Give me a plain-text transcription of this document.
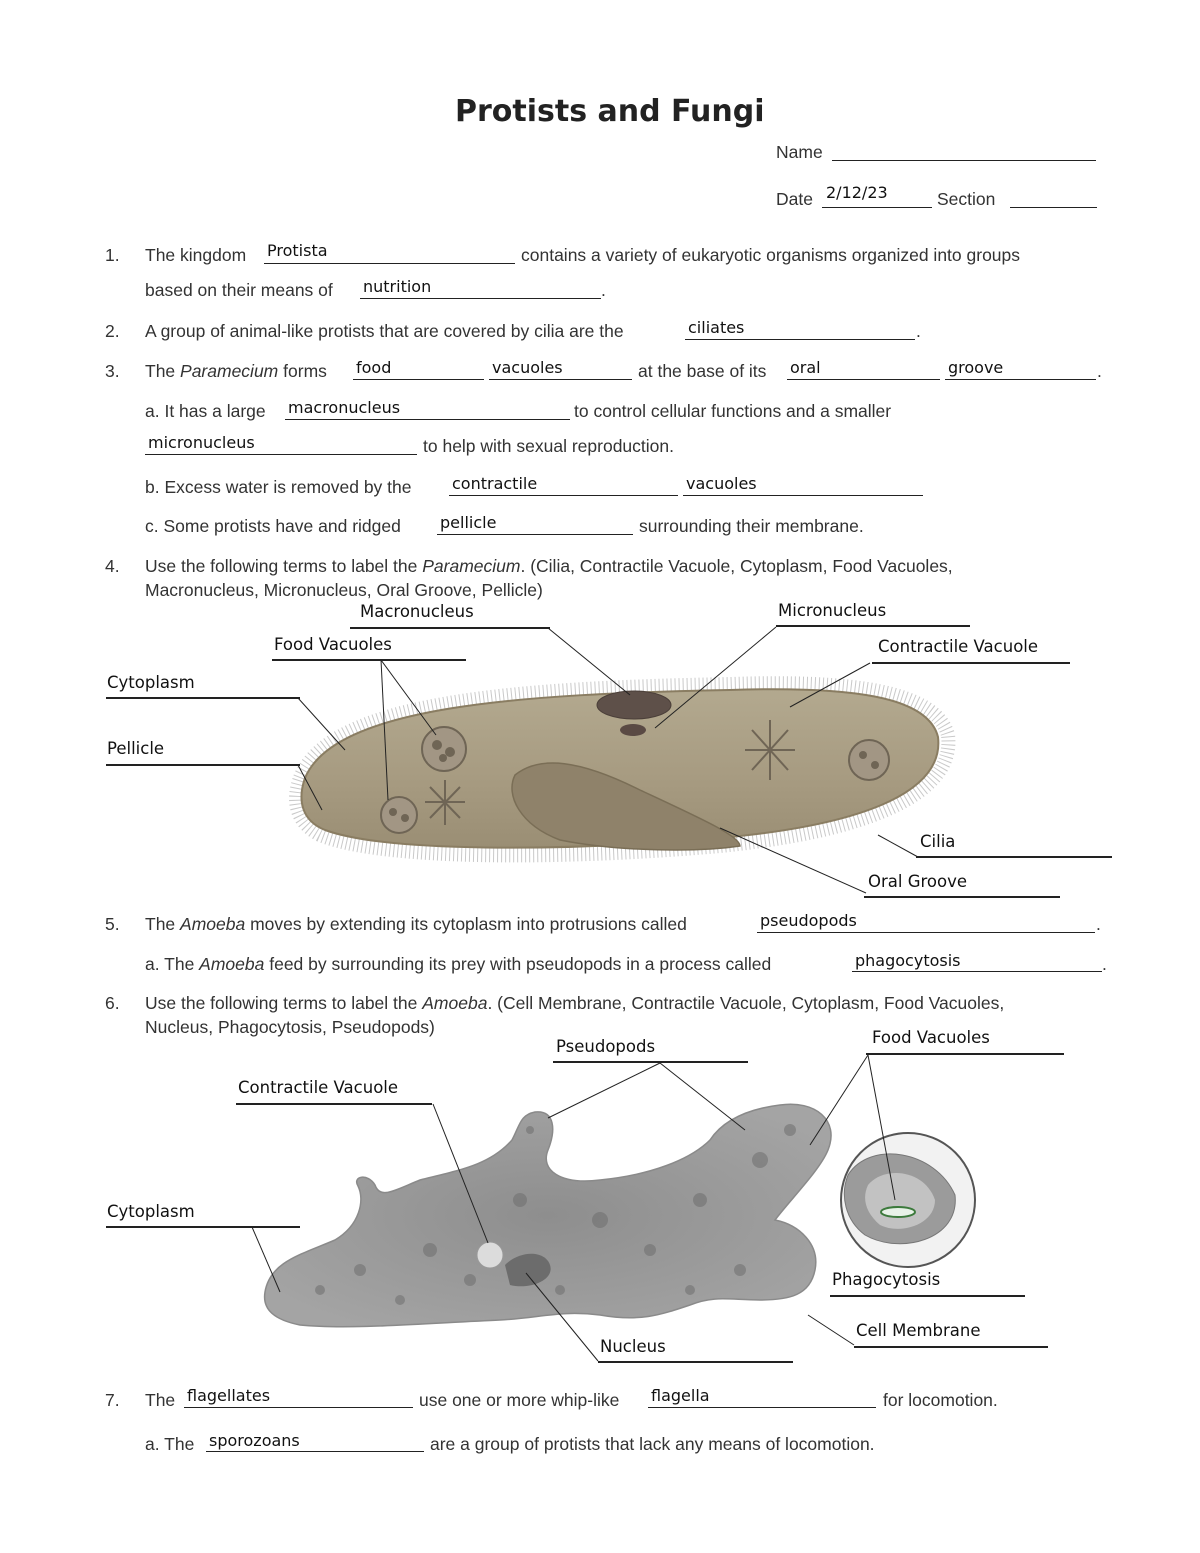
Protists and Fungi
Name
Date 2/12/23	Section
1. The kingdom Protista	contains a variety of eukaryotic organisms organized into groups
based on their means of nutrition	.
2. A group of animal-like protists that are covered by cilia are the	ciliates	.
3. The Paramecium forms food	vacuoles	at the base of its oral	groove	.
a. It has a large macronucleus	to control cellular functions and a smaller
micronucleus	to help with sexual reproduction.
b. Excess water is removed by the	contractile	vacuoles
c. Some protists have and ridged pellicle	surrounding their membrane.
4. Use the following terms to label the Paramecium. (Cilia, Contractile Vacuole, Cytoplasm, Food Vacuoles,
Macronucleus, Micronucleus, Oral Groove, Pellicle)
Macronucleus	Micronucleus
Food Vacuoles	Contractile Vacuole
Cytoplasm
Pellicle
Cilia
Oral Groove
5. The Amoeba moves by extending its cytoplasm into protrusions called	pseudopods	.
a. The Amoeba feed by surrounding its prey with pseudopods in a process called	phagocytosis	.
6. Use the following terms to label the Amoeba. (Cell Membrane, Contractile Vacuole, Cytoplasm, Food Vacuoles,
Nucleus, Phagocytosis, Pseudopods)
Pseudopods	Food Vacuoles
Contractile Vacuole
Cytoplasm
Phagocytosis
Cell Membrane
Nucleus
7. The flagellates	use one or more whip-like flagella	for locomotion.
a. The sporozoans	are a group of protists that lack any means of locomotion.
